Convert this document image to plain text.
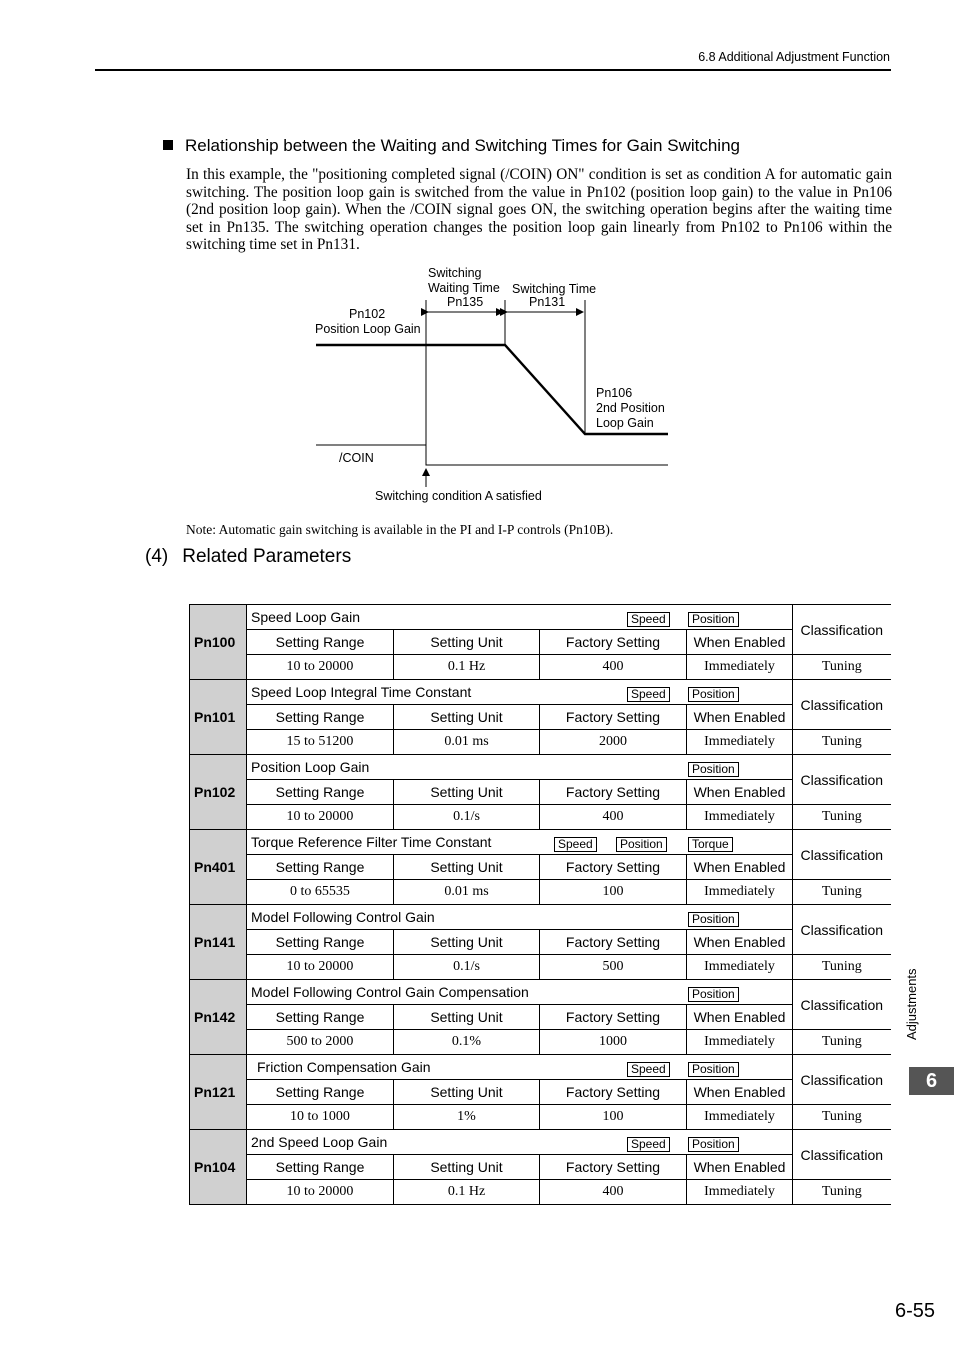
6.8 Additional Adjustment Function
Relationship between the Waiting and Switching Times for Gain Switching
In this example, the "positioning completed signal (/COIN) ON" condition is set as condition A for automatic gain switching. The position loop gain is switched from the value in Pn102 (position loop gain) to the value in Pn106 (2nd position loop gain). When the /COIN signal goes ON, the switching operation begins after the waiting time set in Pn135. The switching operation changes the position loop gain linearly from Pn102 to Pn106 within the switching time set in Pn131.
Switching
Waiting Time
Pn135
Switching Time
Pn131
Pn102
Position Loop Gain
Pn106
2nd Position
Loop Gain
/COIN
Switching condition A satisfied
Note: Automatic gain switching is available in the PI and I-P controls (Pn10B).
(4) Related Parameters
Pn100	Speed Loop Gain Speed Position				Classification
	Setting Range	Setting Unit	Factory Setting	When Enabled	
	10 to 20000	0.1 Hz	400	Immediately	Tuning
Pn101	Speed Loop Integral Time Constant Speed Position				Classification
	Setting Range	Setting Unit	Factory Setting	When Enabled	
	15 to 51200	0.01 ms	2000	Immediately	Tuning
Pn102	Position Loop Gain Position				Classification
	Setting Range	Setting Unit	Factory Setting	When Enabled	
	10 to 20000	0.1/s	400	Immediately	Tuning
Pn401	Torque Reference Filter Time Constant Speed Position Torque				Classification
	Setting Range	Setting Unit	Factory Setting	When Enabled	
	0 to 65535	0.01 ms	100	Immediately	Tuning
Pn141	Model Following Control Gain Position				Classification
	Setting Range	Setting Unit	Factory Setting	When Enabled	
	10 to 20000	0.1/s	500	Immediately	Tuning
Pn142	Model Following Control Gain Compensation Position				Classification
	Setting Range	Setting Unit	Factory Setting	When Enabled	
	500 to 2000	0.1%	1000	Immediately	Tuning
Pn121	Friction Compensation Gain Speed Position				Classification
	Setting Range	Setting Unit	Factory Setting	When Enabled	
	10 to 1000	1%	100	Immediately	Tuning
Pn104	2nd Speed Loop Gain Speed Position				Classification
	Setting Range	Setting Unit	Factory Setting	When Enabled	
	10 to 20000	0.1 Hz	400	Immediately	Tuning
Adjustments
6
6-55
